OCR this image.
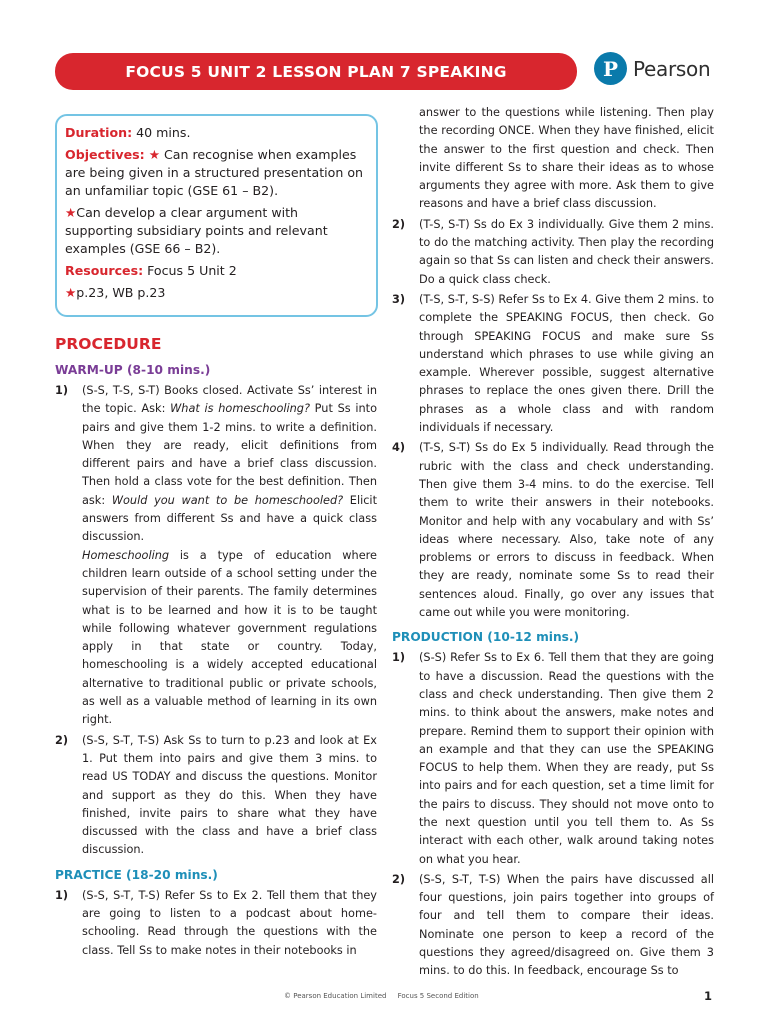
FOCUS 5 UNIT 2 LESSON PLAN 7 SPEAKING	P Pearson

Duration: 40 mins.

Objectives: ★ Can recognise when examples are being given in a structured presentation on an unfamiliar topic (GSE 61 – B2).

★Can develop a clear argument with supporting subsidiary points and relevant examples (GSE 66 – B2).

Resources: Focus 5 Unit 2

★p.23, WB p.23

PROCEDURE
WARM-UP (8-10 mins.)
1)	(S-S, T-S, S-T) Books closed. Activate Ss’ interest in the topic. Ask: What is homeschooling? Put Ss into pairs and give them 1-2 mins. to write a definition. When they are ready, elicit definitions from different pairs and have a brief class discussion. Then hold a class vote for the best definition. Then ask: Would you want to be homeschooled? Elicit answers from different Ss and have a quick class discussion.

Homeschooling is a type of education where children learn outside of a school setting under the supervision of their parents. The family determines what is to be learned and how it is to be taught while following whatever government regulations apply in that state or country. Today, homeschooling is a widely accepted educational alternative to traditional public or private schools, as well as a valuable method of learning in its own right.

2)	(S-S, S-T, T-S) Ask Ss to turn to p.23 and look at Ex 1. Put them into pairs and give them 3 mins. to read US TODAY and discuss the questions. Monitor and support as they do this. When they have finished, invite pairs to share what they have discussed with the class and have a brief class discussion.
PRACTICE (18-20 mins.)
1)	(S-S, S-T, T-S) Refer Ss to Ex 2. Tell them that they are going to listen to a podcast about home-schooling. Read through the questions with the class. Tell Ss to make notes in their notebooks in
answer to the questions while listening. Then play the recording ONCE. When they have finished, elicit the answer to the first question and check. Then invite different Ss to share their ideas as to whose arguments they agree with more. Ask them to give reasons and have a brief class discussion.
2)	(T-S, S-T) Ss do Ex 3 individually. Give them 2 mins. to do the matching activity. Then play the recording again so that Ss can listen and check their answers. Do a quick class check.
3)	(T-S, S-T, S-S) Refer Ss to Ex 4. Give them 2 mins. to complete the SPEAKING FOCUS, then check. Go through SPEAKING FOCUS and make sure Ss understand which phrases to use while giving an example. Wherever possible, suggest alternative phrases to replace the ones given there. Drill the phrases as a whole class and with random individuals if necessary.
4)	(T-S, S-T) Ss do Ex 5 individually. Read through the rubric with the class and check understanding. Then give them 3-4 mins. to do the exercise. Tell them to write their answers in their notebooks. Monitor and help with any vocabulary and with Ss’ ideas where necessary. Also, take note of any problems or errors to discuss in feedback. When they are ready, nominate some Ss to read their sentences aloud. Finally, go over any issues that came out while you were monitoring.
PRODUCTION (10-12 mins.)
1)	(S-S) Refer Ss to Ex 6. Tell them that they are going to have a discussion. Read the questions with the class and check understanding. Then give them 2 mins. to think about the answers, make notes and prepare. Remind them to support their opinion with an example and that they can use the SPEAKING FOCUS to help them. When they are ready, put Ss into pairs and for each question, set a time limit for the pairs to discuss. They should not move onto to the next question until you tell them to. As Ss interact with each other, walk around taking notes on what you hear.
2)	(S-S, S-T, T-S) When the pairs have discussed all four questions, join pairs together into groups of four and tell them to compare their ideas. Nominate one person to keep a record of the questions they agreed/disagreed on. Give them 3 mins. to do this. In feedback, encourage Ss to
© Pearson Education Limited Focus 5 Second Edition	1
